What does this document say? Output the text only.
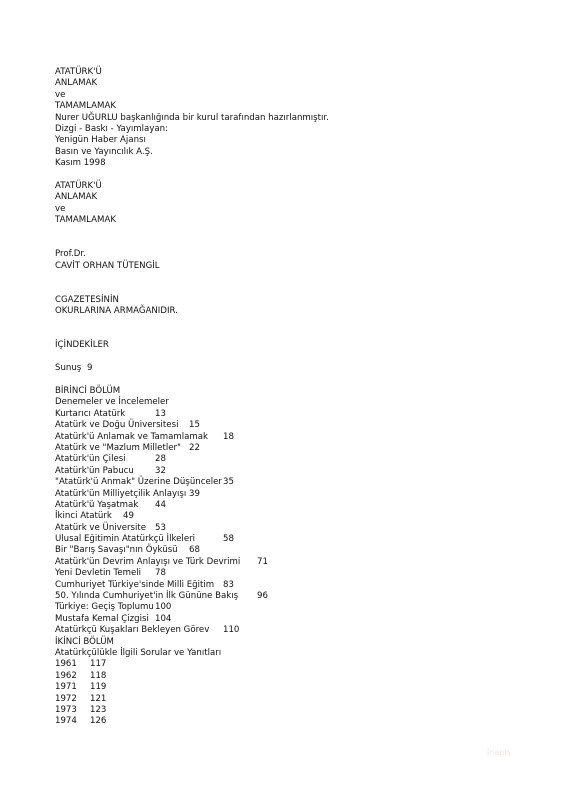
ATATÜRK'Ü
ANLAMAK
ve
TAMAMLAMAK
Nurer UĞURLU başkanlığında bir kurul tarafından hazırlanmıştır.
Dizgi - Baskı - Yayımlayan:
Yenigün Haber Ajansı
Basın ve Yayıncılık A.Ş.
Kasım 1998
ATATÜRK'Ü
ANLAMAK
ve
TAMAMLAMAK
Prof.Dr.
CAVİT ORHAN TÜTENGİL
CGAZETESİNİN
OKURLARINA ARMAĞANIDIR.
İÇİNDEKİLER
Sunuş 9
BİRİNCİ BÖLÜM
Denemeler ve İncelemeler
Kurtarıcı Atatürk	13
Atatürk ve Doğu Üniversitesi 15
Atatürk'ü Anlamak ve Tamamlamak 18
Atatürk ve "Mazlum Milletler" 22
Atatürk'ün Çilesi	28
Atatürk'ün Pabucu 32
"Atatürk'ü Anmak" Üzerine Düşünceler 35
Atatürk'ün Milliyetçilik Anlayışı 39
Atatürk'ü Yaşatmak 44
İkinci Atatürk 49
Atatürk ve Üniversite 53
Ulusal Eğitimin Atatürkçü İlkeleri	58
Bir "Barış Savaşı"nın Öyküsü 68
Atatürk'ün Devrim Anlayışı ve Türk Devrimi 71
Yeni Devletin Temeli 78
Cumhuriyet Türkiye'sinde Milli Eğitim 83
50. Yılında Cumhuriyet'in İlk Gününe Bakış 96
Türkiye: Geçiş Toplumu 100
Mustafa Kemal Çizgisi 104
Atatürkçü Kuşakları Bekleyen Görev 110
İKİNCİ BÖLÜM
Atatürkçülükle İlgili Sorular ve Yanıtları
1961 117
1962 118
1971 119
1972 121
1973 123
1974 126
İnaniş
